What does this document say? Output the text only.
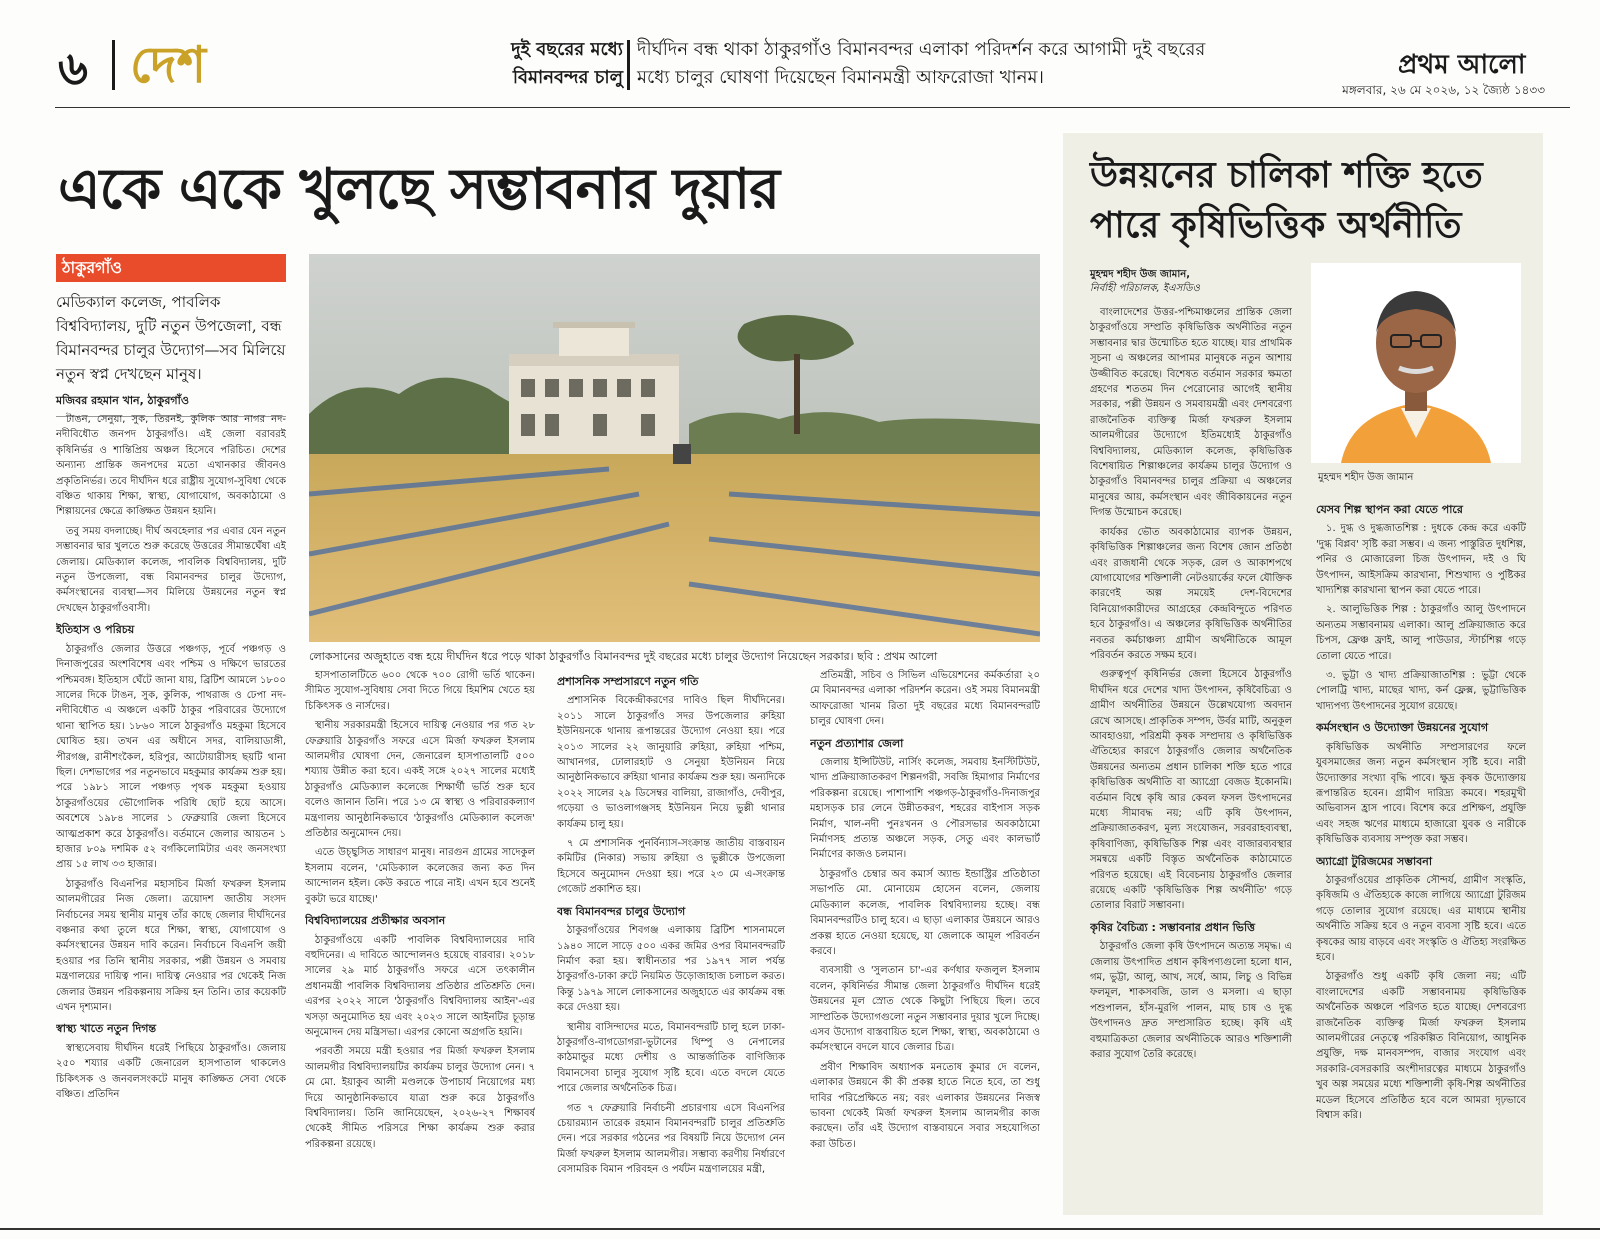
৬ দেশ	দুই বছরের মধ্যে বিমানবন্দর চালু
দীর্ঘদিন বন্ধ থাকা ঠাকুরগাঁও বিমানবন্দর এলাকা পরিদর্শন করে আগামী দুই বছরের মধ্যে চালুর ঘোষণা দিয়েছেন বিমানমন্ত্রী আফরোজা খানম।	প্রথম আলো
মঙ্গলবার, ২৬ মে ২০২৬, ১২ জ্যৈষ্ঠ ১৪৩৩
একে একে খুলছে সম্ভাবনার দুয়ার
ঠাকুরগাঁও
মেডিক্যাল কলেজ, পাবলিক বিশ্ববিদ্যালয়, দুটি নতুন উপজেলা, বন্ধ বিমানবন্দর চালুর উদ্যোগ—সব মিলিয়ে নতুন স্বপ্ন দেখছেন মানুষ।
মজিবর রহমান খান, ঠাকুরগাঁও
লোকসানের অজুহাতে বন্ধ হয়ে দীর্ঘদিন ধরে পড়ে থাকা ঠাকুরগাঁও বিমানবন্দর দুই বছরের মধ্যে চালুর উদ্যোগ নিয়েছেন সরকার। ছবি : প্রথম আলো

টাঙন, সেনুয়া, সুক, তিরনই, কুলিক আর নাগর নদ-নদীবিধৌত জনপদ ঠাকুরগাঁও। এই জেলা বরাবরই কৃষিনির্ভর ও শান্তিপ্রিয় অঞ্চল হিসেবে পরিচিত। দেশের অন্যান্য প্রান্তিক জনপদের মতো এখানকার জীবনও প্রকৃতিনির্ভর। তবে দীর্ঘদিন ধরে রাষ্ট্রীয় সুযোগ-সুবিধা থেকে বঞ্চিত থাকায় শিক্ষা, স্বাস্থ্য, যোগাযোগ, অবকাঠামো ও শিল্পায়নের ক্ষেত্রে কাঙ্ক্ষিত উন্নয়ন হয়নি।

তবু সময় বদলাচ্ছে। দীর্ঘ অবহেলার পর এবার যেন নতুন সম্ভাবনার দ্বার খুলতে শুরু করেছে উত্তরের সীমান্তঘেঁষা এই জেলায়। মেডিক্যাল কলেজ, পাবলিক বিশ্ববিদ্যালয়, দুটি নতুন উপজেলা, বন্ধ বিমানবন্দর চালুর উদ্যোগ, কর্মসংস্থানের ব্যবস্থা—সব মিলিয়ে উন্নয়নের নতুন স্বপ্ন দেখছেন ঠাকুরগাঁওবাসী।

ইতিহাস ও পরিচয়

ঠাকুরগাঁও জেলার উত্তরে পঞ্চগড়, পূর্বে পঞ্চগড় ও দিনাজপুরের অংশবিশেষ এবং পশ্চিম ও দক্ষিণে ভারতের পশ্চিমবঙ্গ। ইতিহাস ঘেঁটে জানা যায়, ব্রিটিশ আমলে ১৮০০ সালের দিকে টাঙন, সুক, কুলিক, পাথরাজ ও ঢেপা নদ-নদীবিধৌত এ অঞ্চলে একটি ঠাকুর পরিবারের উদ্যোগে থানা স্থাপিত হয়। ১৮৬০ সালে ঠাকুরগাঁও মহকুমা হিসেবে ঘোষিত হয়। তখন এর অধীনে সদর, বালিয়াডাঙ্গী, পীরগঞ্জ, রানীশংকৈল, হরিপুর, আটোয়ারীসহ ছয়টি থানা ছিল। দেশভাগের পর নতুনভাবে মহকুমার কার্যক্রম শুরু হয়। পরে ১৯৮১ সালে পঞ্চগড় পৃথক মহকুমা হওয়ায় ঠাকুরগাঁওয়ের ভৌগোলিক পরিধি ছোট হয়ে আসে। অবশেষে ১৯৮৪ সালের ১ ফেব্রুয়ারি জেলা হিসেবে আত্মপ্রকাশ করে ঠাকুরগাঁও। বর্তমানে জেলার আয়তন ১ হাজার ৮০৯ দশমিক ৫২ বর্গকিলোমিটার এবং জনসংখ্যা প্রায় ১৫ লাখ ৩৩ হাজার।

ঠাকুরগাঁও বিএনপির মহাসচিব মির্জা ফখরুল ইসলাম আলমগীরের নিজ জেলা। ত্রয়োদশ জাতীয় সংসদ নির্বাচনের সময় স্থানীয় মানুষ তাঁর কাছে জেলার দীর্ঘদিনের বঞ্চনার কথা তুলে ধরে শিক্ষা, স্বাস্থ্য, যোগাযোগ ও কর্মসংস্থানের উন্নয়ন দাবি করেন। নির্বাচনে বিএনপি জয়ী হওয়ার পর তিনি স্থানীয় সরকার, পল্লী উন্নয়ন ও সমবায় মন্ত্রণালয়ের দায়িত্ব পান। দায়িত্ব নেওয়ার পর থেকেই নিজ জেলার উন্নয়ন পরিকল্পনায় সক্রিয় হন তিনি। তার কয়েকটি এখন দৃশ্যমান।

স্বাস্থ্য খাতে নতুন দিগন্ত

স্বাস্থ্যসেবায় দীর্ঘদিন ধরেই পিছিয়ে ঠাকুরগাঁও। জেলায় ২৫০ শয্যার একটি জেনারেল হাসপাতাল থাকলেও চিকিৎসক ও জনবলসংকটে মানুষ কাঙ্ক্ষিত সেবা থেকে বঞ্চিত। প্রতিদিন

হাসপাতালটিতে ৬০০ থেকে ৭০০ রোগী ভর্তি থাকেন। সীমিত সুযোগ-সুবিধায় সেবা দিতে গিয়ে হিমশিম খেতে হয় চিকিৎসক ও নার্সদের।

স্থানীয় সরকারমন্ত্রী হিসেবে দায়িত্ব নেওয়ার পর গত ২৮ ফেব্রুয়ারি ঠাকুরগাঁও সফরে এসে মির্জা ফখরুল ইসলাম আলমগীর ঘোষণা দেন, জেনারেল হাসপাতালটি ৫০০ শয্যায় উন্নীত করা হবে। একই সঙ্গে ২০২৭ সালের মধ্যেই ঠাকুরগাঁও মেডিক্যাল কলেজে শিক্ষার্থী ভর্তি শুরু হবে বলেও জানান তিনি। পরে ১৩ মে স্বাস্থ্য ও পরিবারকল্যাণ মন্ত্রণালয় আনুষ্ঠানিকভাবে 'ঠাকুরগাঁও মেডিক্যাল কলেজ' প্রতিষ্ঠার অনুমোদন দেয়।

এতে উচ্ছ্বসিত সাধারণ মানুষ। নারগুন গ্রামের সাদেকুল ইসলাম বলেন, 'মেডিক্যাল কলেজের জন্য কত দিন আন্দোলন হইল। কেউ করতে পারে নাই। এখন হবে শুনেই বুকটা ভরে যাচ্ছে।'

বিশ্ববিদ্যালয়ের প্রতীক্ষার অবসান

ঠাকুরগাঁওয়ে একটি পাবলিক বিশ্ববিদ্যালয়ের দাবি বহুদিনের। এ দাবিতে আন্দোলনও হয়েছে বারবার। ২০১৮ সালের ২৯ মার্চ ঠাকুরগাঁও সফরে এসে তৎকালীন প্রধানমন্ত্রী পাবলিক বিশ্ববিদ্যালয় প্রতিষ্ঠার প্রতিশ্রুতি দেন। এরপর ২০২২ সালে 'ঠাকুরগাঁও বিশ্ববিদ্যালয় আইন'-এর খসড়া অনুমোদিত হয় এবং ২০২৩ সালে আইনটির চূড়ান্ত অনুমোদন দেয় মন্ত্রিসভা। এরপর কোনো অগ্রগতি হয়নি।

পরবর্তী সময়ে মন্ত্রী হওয়ার পর মির্জা ফখরুল ইসলাম আলমগীর বিশ্ববিদ্যালয়টির কার্যক্রম চালুর উদ্যোগ নেন। ৭ মে মো. ইয়াকুব আলী মণ্ডলকে উপাচার্য নিয়োগের মধ্য দিয়ে আনুষ্ঠানিকভাবে যাত্রা শুরু করে ঠাকুরগাঁও বিশ্ববিদ্যালয়। তিনি জানিয়েছেন, ২০২৬-২৭ শিক্ষাবর্ষ থেকেই সীমিত পরিসরে শিক্ষা কার্যক্রম শুরু করার পরিকল্পনা রয়েছে।

প্রশাসনিক সম্প্রসারণে নতুন গতি

প্রশাসনিক বিকেন্দ্রীকরণের দাবিও ছিল দীর্ঘদিনের। ২০১১ সালে ঠাকুরগাঁও সদর উপজেলার রুহিয়া ইউনিয়নকে থানায় রূপান্তরের উদ্যোগ নেওয়া হয়। পরে ২০১৩ সালের ২২ জানুয়ারি রুহিয়া, রুহিয়া পশ্চিম, আখানগর, ঢোলারহাট ও সেনুয়া ইউনিয়ন নিয়ে আনুষ্ঠানিকভাবে রুহিয়া থানার কার্যক্রম শুরু হয়। অন্যদিকে ২০২২ সালের ২৯ ডিসেম্বর বালিয়া, রাজাগাঁও, দেবীপুর, গড়েয়া ও ভাওলাগঞ্জসহ ইউনিয়ন নিয়ে ভুল্লী থানার কার্যক্রম চালু হয়।

৭ মে প্রশাসনিক পুনর্বিন্যাস-সংক্রান্ত জাতীয় বাস্তবায়ন কমিটির (নিকার) সভায় রুহিয়া ও ভুল্লীকে উপজেলা হিসেবে অনুমোদন দেওয়া হয়। পরে ২৩ মে এ-সংক্রান্ত গেজেট প্রকাশিত হয়।

বন্ধ বিমানবন্দর চালুর উদ্যোগ

ঠাকুরগাঁওয়ের শিবগঞ্জ এলাকায় ব্রিটিশ শাসনামলে ১৯৪০ সালে সাড়ে ৫০০ একর জমির ওপর বিমানবন্দরটি নির্মাণ করা হয়। স্বাধীনতার পর ১৯৭৭ সাল পর্যন্ত ঠাকুরগাঁও-ঢাকা রুটে নিয়মিত উড়োজাহাজ চলাচল করত। কিন্তু ১৯৭৯ সালে লোকসানের অজুহাতে এর কার্যক্রম বন্ধ করে দেওয়া হয়।

স্থানীয় বাসিন্দাদের মতে, বিমানবন্দরটি চালু হলে ঢাকা-ঠাকুরগাঁও-বাগডোগরা-ভুটানের থিম্পু ও নেপালের কাঠমান্ডুর মধ্যে দেশীয় ও আন্তর্জাতিক বাণিজ্যিক বিমানসেবা চালুর সুযোগ সৃষ্টি হবে। এতে বদলে যেতে পারে জেলার অর্থনৈতিক চিত্র।

গত ৭ ফেব্রুয়ারি নির্বাচনী প্রচারণায় এসে বিএনপির চেয়ারম্যান তারেক রহমান বিমানবন্দরটি চালুর প্রতিশ্রুতি দেন। পরে সরকার গঠনের পর বিষয়টি নিয়ে উদ্যোগ নেন মির্জা ফখরুল ইসলাম আলমগীর। সম্ভাব্য করণীয় নির্ধারণে বেসামরিক বিমান পরিবহন ও পর্যটন মন্ত্রণালয়ের মন্ত্রী,

প্রতিমন্ত্রী, সচিব ও সিভিল এভিয়েশনের কর্মকর্তারা ২০ মে বিমানবন্দর এলাকা পরিদর্শন করেন। ওই সময় বিমানমন্ত্রী আফরোজা খানম রিতা দুই বছরের মধ্যে বিমানবন্দরটি চালুর ঘোষণা দেন।

নতুন প্রত্যাশার জেলা

জেলায় ইন্সিটিউট, নার্সিং কলেজ, সমবায় ইনস্টিটিউট, খাদ্য প্রক্রিয়াজাতকরণ শিল্পনগরী, সবজি হিমাগার নির্মাণের পরিকল্পনা রয়েছে। পাশাপাশি পঞ্চগড়-ঠাকুরগাঁও-দিনাজপুর মহাসড়ক চার লেনে উন্নীতকরণ, শহরের বাইপাস সড়ক নির্মাণ, খাল-নদী পুনঃখনন ও পৌরসভার অবকাঠামো নির্মাণসহ প্রত্যন্ত অঞ্চলে সড়ক, সেতু এবং কালভার্ট নির্মাণের কাজও চলমান।

ঠাকুরগাঁও চেম্বার অব কমার্স অ্যান্ড ইন্ডাস্ট্রির প্রতিষ্ঠাতা সভাপতি মো. মোনায়েম হোসেন বলেন, জেলায় মেডিক্যাল কলেজ, পাবলিক বিশ্ববিদ্যালয় হচ্ছে। বন্ধ বিমানবন্দরটিও চালু হবে। এ ছাড়া এলাকার উন্নয়নে আরও প্রকল্প হাতে নেওয়া হয়েছে, যা জেলাকে আমূল পরিবর্তন করবে।

ব্যবসায়ী ও 'সুলতান চা'-এর কর্ণধার ফজলুল ইসলাম বলেন, কৃষিনির্ভর সীমান্ত জেলা ঠাকুরগাঁও দীর্ঘদিন ধরেই উন্নয়নের মূল স্রোত থেকে কিছুটা পিছিয়ে ছিল। তবে সাম্প্রতিক উদ্যোগগুলো নতুন সম্ভাবনার দুয়ার খুলে দিচ্ছে। এসব উদ্যোগ বাস্তবায়িত হলে শিক্ষা, স্বাস্থ্য, অবকাঠামো ও কর্মসংস্থানে বদলে যাবে জেলার চিত্র।

প্রবীণ শিক্ষাবিদ অধ্যাপক মনতোষ কুমার দে বলেন, এলাকার উন্নয়নে কী কী প্রকল্প হাতে নিতে হবে, তা শুধু দাবির পরিপ্রেক্ষিতে নয়; বরং এলাকার উন্নয়নের নিজস্ব ভাবনা থেকেই মির্জা ফখরুল ইসলাম আলমগীর কাজ করছেন। তাঁর এই উদ্যোগ বাস্তবায়নে সবার সহযোগিতা করা উচিত।

উন্নয়নের চালিকা শক্তি হতে পারে কৃষিভিত্তিক অর্থনীতি
মুহম্মদ শহীদ উজ জামান,
নির্বাহী পরিচালক, ইএসডিও
মুহম্মদ শহীদ উজ জামান

বাংলাদেশের উত্তর-পশ্চিমাঞ্চলের প্রান্তিক জেলা ঠাকুরগাঁওয়ে সম্প্রতি কৃষিভিত্তিক অর্থনীতির নতুন সম্ভাবনার দ্বার উন্মোচিত হতে যাচ্ছে। যার প্রাথমিক সূচনা এ অঞ্চলের আপামর মানুষকে নতুন আশায় উজ্জীবিত করেছে। বিশেষত বর্তমান সরকার ক্ষমতা গ্রহণের শততম দিন পেরোনোর আগেই স্থানীয় সরকার, পল্লী উন্নয়ন ও সমবায়মন্ত্রী এবং দেশবরেণ্য রাজনৈতিক ব্যক্তিত্ব মির্জা ফখরুল ইসলাম আলমগীরের উদ্যোগে ইতিমধ্যেই ঠাকুরগাঁও বিশ্ববিদ্যালয়, মেডিক্যাল কলেজ, কৃষিভিত্তিক বিশেষায়িত শিল্পাঞ্চলের কার্যক্রম চালুর উদ্যোগ ও ঠাকুরগাঁও বিমানবন্দর চালুর প্রক্রিয়া এ অঞ্চলের মানুষের আয়, কর্মসংস্থান এবং জীবিকায়নের নতুন দিগন্ত উন্মোচন করেছে।

কার্যকর ভৌত অবকাঠামোর ব্যাপক উন্নয়ন, কৃষিভিত্তিক শিল্পাঞ্চলের জন্য বিশেষ জোন প্রতিষ্ঠা এবং রাজধানী থেকে সড়ক, রেল ও আকাশপথে যোগাযোগের শক্তিশালী নেটওয়ার্কের ফলে যৌক্তিক কারণেই অল্প সময়েই দেশ-বিদেশের বিনিয়োগকারীদের আগ্রহের কেন্দ্রবিন্দুতে পরিণত হবে ঠাকুরগাঁও। এ অঞ্চলের কৃষিভিত্তিক অর্থনীতির নবতর কর্মচাঞ্চল্য গ্রামীণ অর্থনীতিকে আমূল পরিবর্তন করতে সক্ষম হবে।

গুরুত্বপূর্ণ কৃষিনির্ভর জেলা হিসেবে ঠাকুরগাঁও দীর্ঘদিন ধরে দেশের খাদ্য উৎপাদন, কৃষিবৈচিত্র্য ও গ্রামীণ অর্থনীতির উন্নয়নে উল্লেখযোগ্য অবদান রেখে আসছে। প্রাকৃতিক সম্পদ, উর্বর মাটি, অনুকূল আবহাওয়া, পরিশ্রমী কৃষক সম্প্রদায় ও কৃষিভিত্তিক ঐতিহ্যের কারণে ঠাকুরগাঁও জেলার অর্থনৈতিক উন্নয়নের অন্যতম প্রধান চালিকা শক্তি হতে পারে কৃষিভিত্তিক অর্থনীতি বা অ্যাগ্রো বেজড ইকোনমি। বর্তমান বিশ্বে কৃষি আর কেবল ফসল উৎপাদনের মধ্যে সীমাবদ্ধ নয়; এটি কৃষি উৎপাদন, প্রক্রিয়াজাতকরণ, মূল্য সংযোজন, সরবরাহব্যবস্থা, কৃষিবাণিজ্য, কৃষিভিত্তিক শিল্প এবং বাজারব্যবস্থার সমন্বয়ে একটি বিস্তৃত অর্থনৈতিক কাঠামোতে পরিণত হয়েছে। এই বিবেচনায় ঠাকুরগাঁও জেলার রয়েছে একটি 'কৃষিভিত্তিক শিল্প অর্থনীতি' গড়ে তোলার বিরাট সম্ভাবনা।

কৃষির বৈচিত্র্য : সম্ভাবনার প্রধান ভিত্তি

ঠাকুরগাঁও জেলা কৃষি উৎপাদনে অত্যন্ত সমৃদ্ধ। এ জেলায় উৎপাদিত প্রধান কৃষিপণ্যগুলো হলো ধান, গম, ভুট্টা, আলু, আখ, সর্ষে, আম, লিচু ও বিভিন্ন ফলমূল, শাকসবজি, ডাল ও মসলা। এ ছাড়া পশুপালন, হাঁস-মুরগি পালন, মাছ চাষ ও দুগ্ধ উৎপাদনও দ্রুত সম্প্রসারিত হচ্ছে। কৃষি এই বহুমাত্রিকতা জেলার অর্থনীতিকে আরও শক্তিশালী করার সুযোগ তৈরি করেছে।

যেসব শিল্প স্থাপন করা যেতে পারে

১. দুগ্ধ ও দুগ্ধজাতশিল্প : দুধকে কেন্দ্র করে একটি 'দুগ্ধ বিপ্লব' সৃষ্টি করা সম্ভব। এ জন্য পাস্তুরিত দুধশিল্প, পনির ও মোজারেলা চিজ উৎপাদন, দই ও ঘি উৎপাদন, আইসক্রিম কারখানা, শিশুখাদ্য ও পুষ্টিকর খাদ্যশিল্প কারখানা স্থাপন করা যেতে পারে।

২. আলুভিত্তিক শিল্প : ঠাকুরগাঁও আলু উৎপাদনে অন্যতম সম্ভাবনাময় এলাকা। আলু প্রক্রিয়াজাত করে চিপস, ফ্রেঞ্চ ফ্রাই, আলু পাউডার, স্টার্চশিল্প গড়ে তোলা যেতে পারে।

৩. ভুট্টা ও খাদ্য প্রক্রিয়াজাতশিল্প : ভুট্টা থেকে পোলট্রি খাদ্য, মাছের খাদ্য, কর্ন ফ্লেক্স, ভুট্টাভিত্তিক খাদ্যপণ্য উৎপাদনের সুযোগ রয়েছে।

কর্মসংস্থান ও উদ্যোক্তা উন্নয়নের সুযোগ

কৃষিভিত্তিক অর্থনীতি সম্প্রসারণের ফলে যুবসমাজের জন্য নতুন কর্মসংস্থান সৃষ্টি হবে। নারী উদ্যোক্তার সংখ্যা বৃদ্ধি পাবে। ক্ষুদ্র কৃষক উদ্যোক্তায় রূপান্তরিত হবেন। গ্রামীণ দারিদ্র্য কমবে। শহরমুখী অভিবাসন হ্রাস পাবে। বিশেষ করে প্রশিক্ষণ, প্রযুক্তি এবং সহজ ঋণের মাধ্যমে হাজারো যুবক ও নারীকে কৃষিভিত্তিক ব্যবসায় সম্পৃক্ত করা সম্ভব।

অ্যাগ্রো টুরিজমের সম্ভাবনা

ঠাকুরগাঁওয়ের প্রাকৃতিক সৌন্দর্য, গ্রামীণ সংস্কৃতি, কৃষিজমি ও ঐতিহ্যকে কাজে লাগিয়ে অ্যাগ্রো টুরিজম গড়ে তোলার সুযোগ রয়েছে। এর মাধ্যমে স্থানীয় অর্থনীতি সক্রিয় হবে ও নতুন ব্যবসা সৃষ্টি হবে। এতে কৃষকের আয় বাড়বে এবং সংস্কৃতি ও ঐতিহ্য সংরক্ষিত হবে।

ঠাকুরগাঁও শুধু একটি কৃষি জেলা নয়; এটি বাংলাদেশের একটি সম্ভাবনাময় কৃষিভিত্তিক অর্থনৈতিক অঞ্চলে পরিণত হতে যাচ্ছে। দেশবরেণ্য রাজনৈতিক ব্যক্তিত্ব মির্জা ফখরুল ইসলাম আলমগীরের নেতৃত্বে পরিকল্পিত বিনিয়োগ, আধুনিক প্রযুক্তি, দক্ষ মানবসম্পদ, বাজার সংযোগ এবং সরকারি-বেসরকারি অংশীদারত্বের মাধ্যমে ঠাকুরগাঁও খুব অল্প সময়ের মধ্যে শক্তিশালী কৃষি-শিল্প অর্থনীতির মডেল হিসেবে প্রতিষ্ঠিত হবে বলে আমরা দৃঢ়ভাবে বিশ্বাস করি।
